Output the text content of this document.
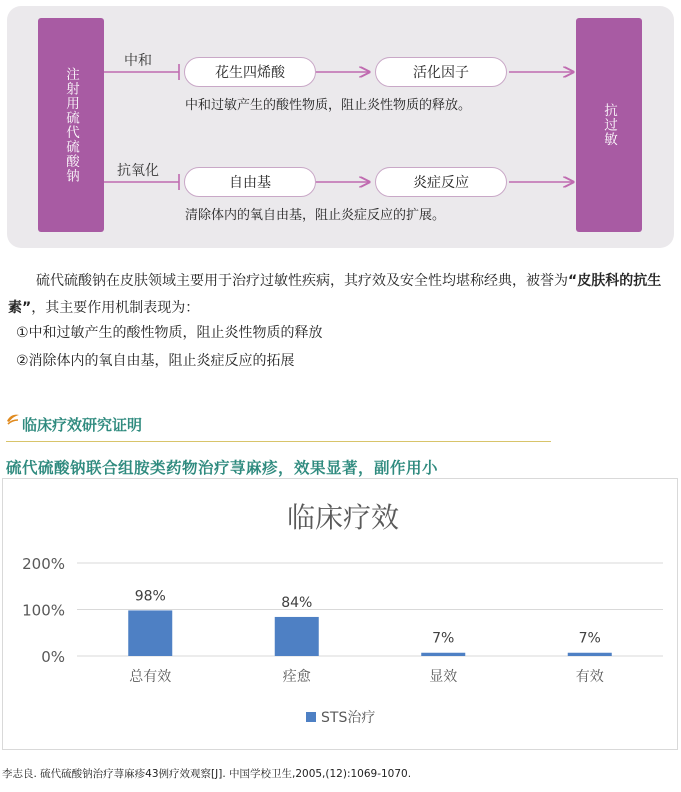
注射用硫代硫酸钠	抗过敏
中和
花生四烯酸	活化因子
中和过敏产生的酸性物质，阻止炎性物质的释放。
抗氧化
自由基	炎症反应
清除体内的氧自由基，阻止炎症反应的扩展。

硫代硫酸钠在皮肤领域主要用于治疗过敏性疾病，其疗效及安全性均堪称经典，被誉为“皮肤科的抗生素”，其主要作用机制表现为：

①中和过敏产生的酸性物质，阻止炎性物质的释放
②消除体内的氧自由基，阻止炎症反应的拓展
临床疗效研究证明
硫代硫酸钠联合组胺类药物治疗荨麻疹，效果显著，副作用小
临床疗效
0%
100%
200%
98%	84%
7%	7%
总有效	痊愈	显效	有效
STS治疗
李志良. 硫代硫酸钠治疗荨麻疹43例疗效观察[J]. 中国学校卫生,2005,(12):1069-1070.
